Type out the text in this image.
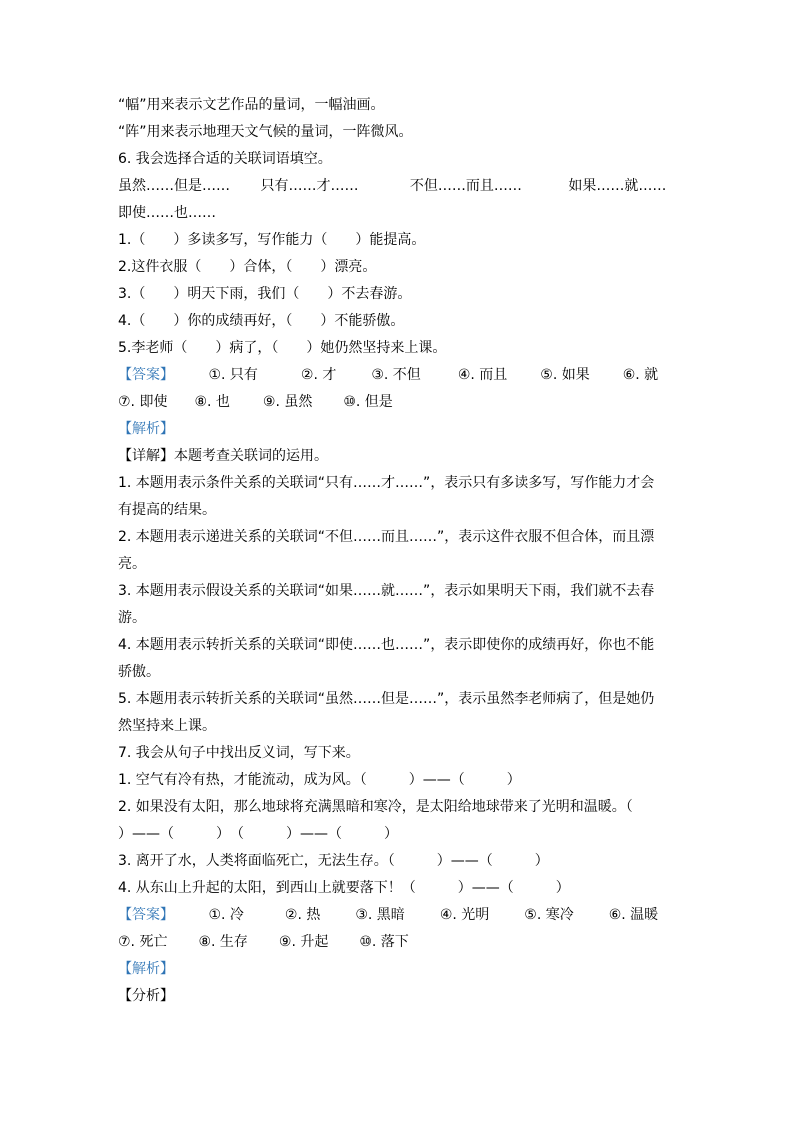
“幅”用来表示文艺作品的量词，一幅油画。
“阵”用来表示地理天文气候的量词，一阵微风。
6. 我会选择合适的关联词语填空。
虽然……但是…… 只有……才……	不但……而且……	如果……就……
即使……也……
1.（　　）多读多写，写作能力（　　）能提高。
2.这件衣服（　　）合体，（　　）漂亮。
3.（　　）明天下雨，我们（　　）不去春游。
4.（　　）你的成绩再好，（　　）不能骄傲。
5.李老师（　　）病了，（　　）她仍然坚持来上课。
【答案】 ①. 只有	②. 才	③. 不但	④. 而且 ⑤. 如果 ⑥. 就
⑦. 即使 ⑧. 也 ⑨. 虽然 ⑩. 但是
【解析】
【详解】本题考查关联词的运用。
1. 本题用表示条件关系的关联词“只有……才……”，表示只有多读多写，写作能力才会
有提高的结果。
2. 本题用表示递进关系的关联词“不但……而且……”，表示这件衣服不但合体，而且漂
亮。
3. 本题用表示假设关系的关联词“如果……就……”，表示如果明天下雨，我们就不去春
游。
4. 本题用表示转折关系的关联词“即使……也……”，表示即使你的成绩再好，你也不能
骄傲。
5. 本题用表示转折关系的关联词“虽然……但是……”，表示虽然李老师病了，但是她仍
然坚持来上课。
7. 我会从句子中找出反义词，写下来。
1. 空气有冷有热，才能流动，成为风。（　　　）——（　　　）
2. 如果没有太阳，那么地球将充满黑暗和寒冷，是太阳给地球带来了光明和温暖。（
）——（　　　）　（　　　）——（　　　）
3. 离开了水，人类将面临死亡，无法生存。（　　　）——（　　　）
4. 从东山上升起的太阳，到西山上就要落下！（　　　）——（　　　）
【答案】 ①. 冷	②. 热	③. 黑暗	④. 光明	⑤. 寒冷	⑥. 温暖
⑦. 死亡 ⑧. 生存 ⑨. 升起 ⑩. 落下
【解析】
【分析】
